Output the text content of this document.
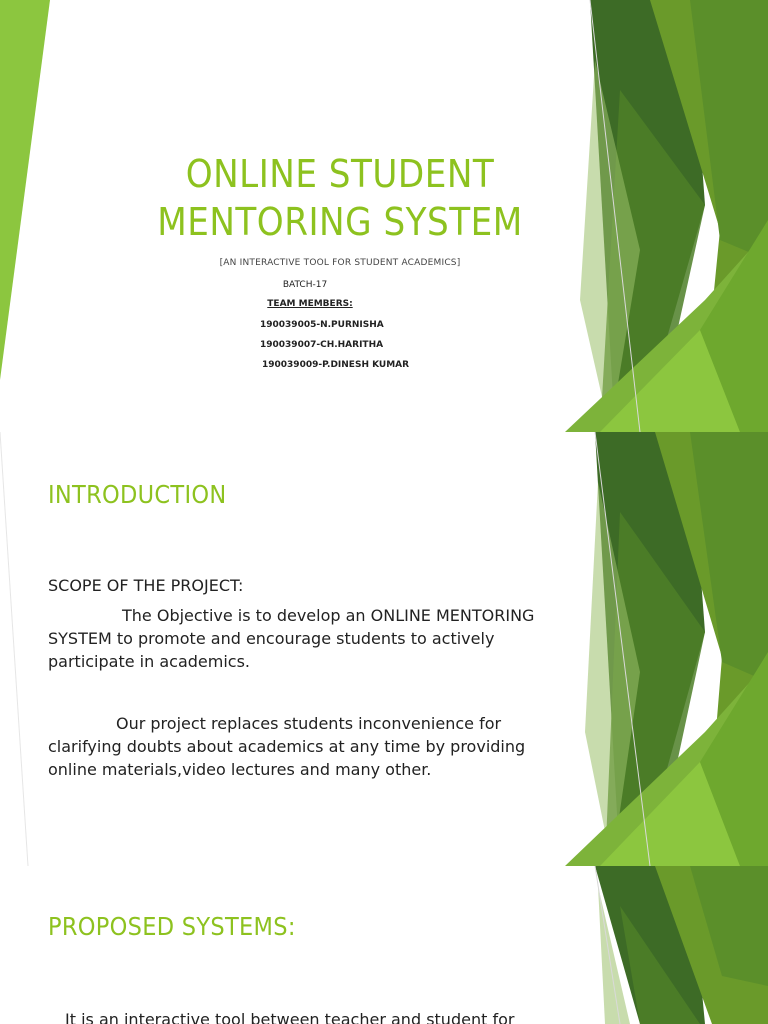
ONLINE STUDENT
MENTORING SYSTEM
[AN INTERACTIVE TOOL FOR STUDENT ACADEMICS]
BATCH-17
TEAM MEMBERS:
190039005-N.PURNISHA
190039007-CH.HARITHA
190039009-P.DINESH KUMAR
INTRODUCTION
SCOPE OF THE PROJECT:
The Objective is to develop an ONLINE MENTORING SYSTEM to promote and encourage students to actively participate in academics.
Our project replaces students inconvenience for clarifying doubts about academics at any time by providing online materials,video lectures and many other.
PROPOSED SYSTEMS:
It is an interactive tool between teacher and student for
